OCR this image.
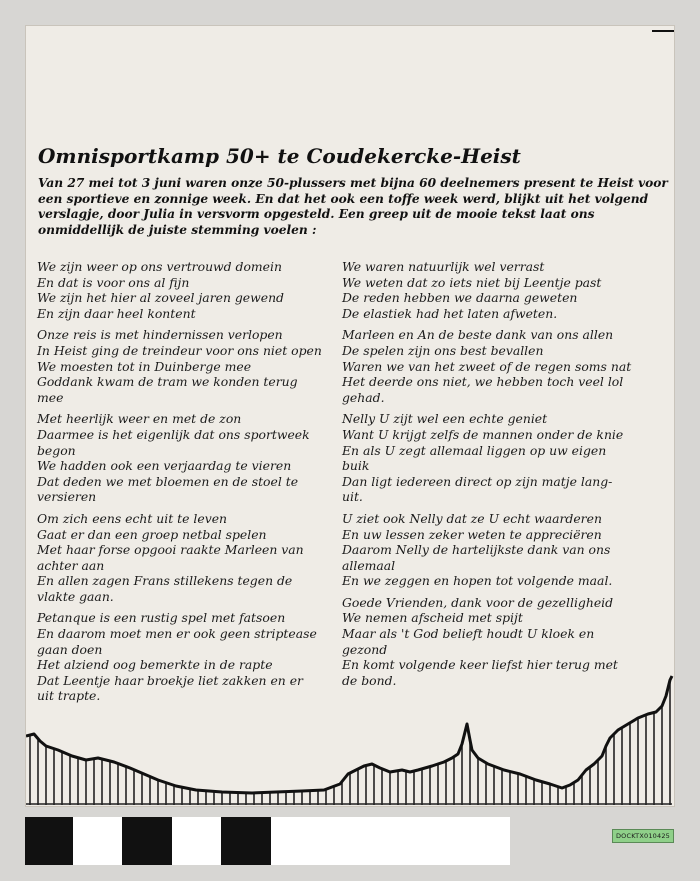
Omnisportkamp 50+ te Coudekercke-Heist
Van 27 mei tot 3 juni waren onze 50-plussers met bijna 60 deelnemers present te Heist voor
een sportieve en zonnige week. En dat het ook een toffe week werd, blijkt uit het volgend
verslagje, door Julia in versvorm opgesteld. Een greep uit de mooie tekst laat ons
onmiddellijk de juiste stemming voelen :
We zijn weer op ons vertrouwd domein
En dat is voor ons al fijn
We zijn het hier al zoveel jaren gewend
En zijn daar heel kontent
Onze reis is met hindernissen verlopen
In Heist ging de treindeur voor ons niet open
We moesten tot in Duinberge mee
Goddank kwam de tram we konden terug
mee
Met heerlijk weer en met de zon
Daarmee is het eigenlijk dat ons sportweek
begon
We hadden ook een verjaardag te vieren
Dat deden we met bloemen en de stoel te
versieren
Om zich eens echt uit te leven
Gaat er dan een groep netbal spelen
Met haar forse opgooi raakte Marleen van
achter aan
En allen zagen Frans stillekens tegen de
vlakte gaan.
Petanque is een rustig spel met fatsoen
En daarom moet men er ook geen striptease
gaan doen
Het alziend oog bemerkte in de rapte
Dat Leentje haar broekje liet zakken en er
uit trapte.
We waren natuurlijk wel verrast
We weten dat zo iets niet bij Leentje past
De reden hebben we daarna geweten
De elastiek had het laten afweten.
Marleen en An de beste dank van ons allen
De spelen zijn ons best bevallen
Waren we van het zweet of de regen soms nat
Het deerde ons niet, we hebben toch veel lol
gehad.
Nelly U zijt wel een echte geniet
Want U krijgt zelfs de mannen onder de knie
En als U zegt allemaal liggen op uw eigen
buik
Dan ligt iedereen direct op zijn matje lang-
uit.
U ziet ook Nelly dat ze U echt waarderen
En uw lessen zeker weten te appreciëren
Daarom Nelly de hartelijkste dank van ons
allemaal
En we zeggen en hopen tot volgende maal.
Goede Vrienden, dank voor de gezelligheid
We nemen afscheid met spijt
Maar als 't God belieft houdt U kloek en
gezond
En komt volgende keer liefst hier terug met
de bond.
DOCKTX010425
